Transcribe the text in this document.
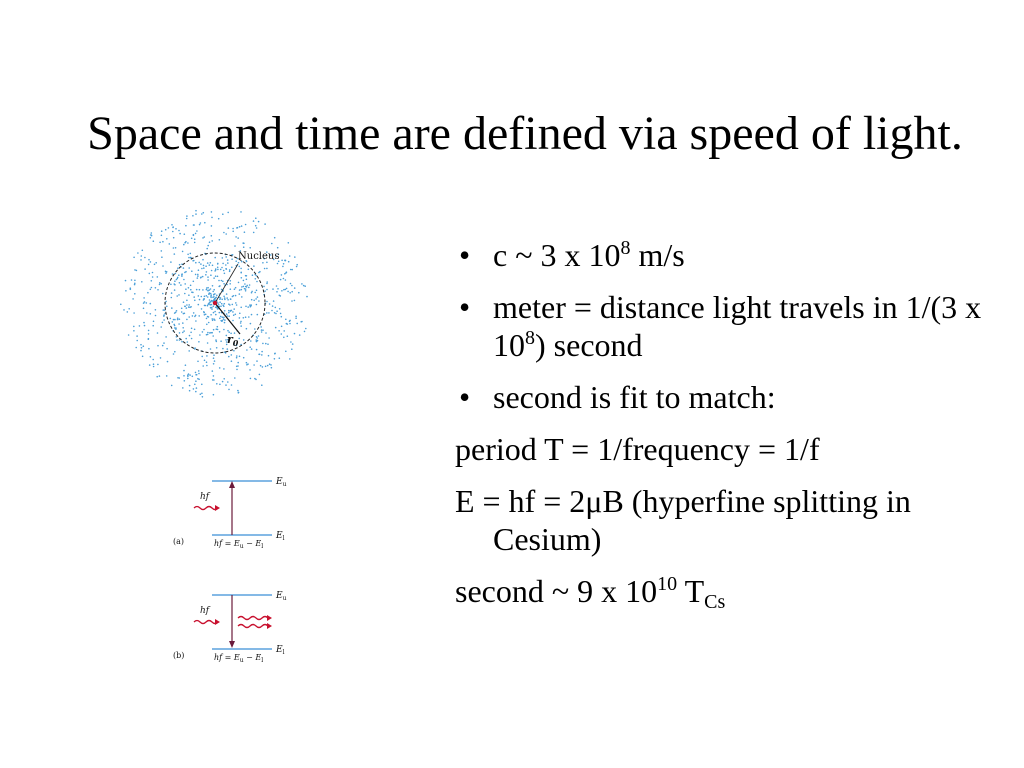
Space and time are defined via speed of light.
Nucleus
$r_0$
hf
$E_u$
$E_l$
(a)	hf = $E_u - E_l$
hf
$E_u$
$E_l$
(b)	hf = $E_u - E_l$
• c ~ 3 x $10^8$ m/s
• meter = distance light travels in 1/(3 x $10^8$) second
• second is fit to match:
period T = 1/frequency = 1/f
E = hf = 2μB (hyperfine splitting in Cesium)
second ~ 9 x $10^{10}$ $T_{Cs}$
